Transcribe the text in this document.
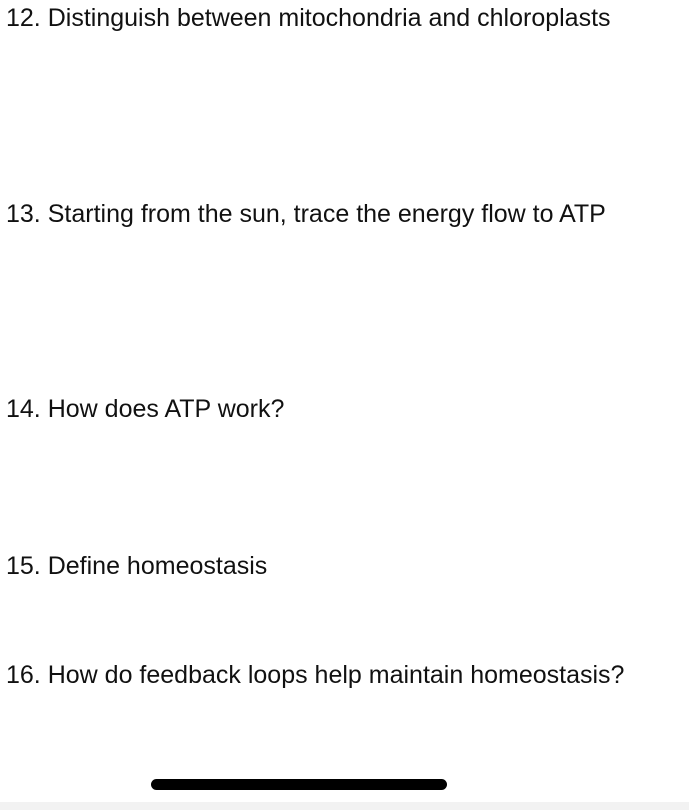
12. Distinguish between mitochondria and chloroplasts

13. Starting from the sun, trace the energy flow to ATP

14. How does ATP work?

15. Define homeostasis

16. How do feedback loops help maintain homeostasis?
